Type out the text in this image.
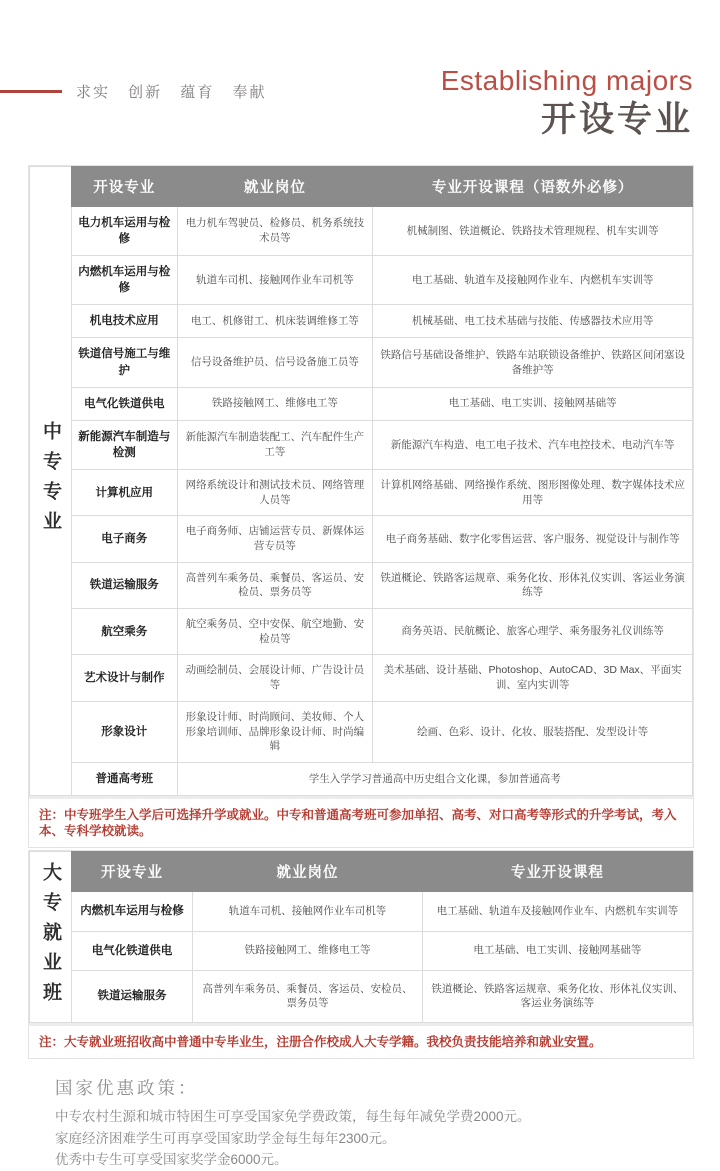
求实 创新 蕴育 奉献	Establishing majors
开设专业
中专专业
开设专业	就业岗位	专业开设课程（语数外必修）
电力机车运用与检修	电力机车驾驶员、检修员、机务系统技术员等	机械制图、铁道概论、铁路技术管理规程、机车实训等
内燃机车运用与检修	轨道车司机、接触网作业车司机等	电工基础、轨道车及接触网作业车、内燃机车实训等
机电技术应用	电工、机修钳工、机床装调维修工等	机械基础、电工技术基础与技能、传感器技术应用等
铁道信号施工与维护	信号设备维护员、信号设备施工员等	铁路信号基础设备维护、铁路车站联锁设备维护、铁路区间闭塞设备维护等
电气化铁道供电	铁路接触网工、维修电工等	电工基础、电工实训、接触网基础等
新能源汽车制造与检测	新能源汽车制造装配工、汽车配件生产工等	新能源汽车构造、电工电子技术、汽车电控技术、电动汽车等
计算机应用	网络系统设计和测试技术员、网络管理人员等	计算机网络基础、网络操作系统、图形图像处理、数字媒体技术应用等
电子商务	电子商务师、店铺运营专员、新媒体运营专员等	电子商务基础、数字化零售运营、客户服务、视觉设计与制作等
铁道运输服务	高普列车乘务员、乘餐员、客运员、安检员、票务员等	铁道概论、铁路客运规章、乘务化妆、形体礼仪实训、客运业务演练等
航空乘务	航空乘务员、空中安保、航空地勤、安检员等	商务英语、民航概论、旅客心理学、乘务服务礼仪训练等
艺术设计与制作	动画绘制员、会展设计师、广告设计员等	美术基础、设计基础、Photoshop、AutoCAD、3D Max、平面实训、室内实训等
形象设计	形象设计师、时尚顾问、美妆师、个人形象培训师、品牌形象设计师、时尚编辑	绘画、色彩、设计、化妆、服装搭配、发型设计等
普通高考班	学生入学学习普通高中历史组合文化课，参加普通高考	
注：中专班学生入学后可选择升学或就业。中专和普通高考班可参加单招、高考、对口高考等形式的升学考试，考入本、专科学校就读。
大专就业班	开设专业	就业岗位	专业开设课程
内燃机车运用与检修	轨道车司机、接触网作业车司机等	电工基础、轨道车及接触网作业车、内燃机车实训等
电气化铁道供电	铁路接触网工、维修电工等	电工基础、电工实训、接触网基础等
铁道运输服务	高普列车乘务员、乘餐员、客运员、安检员、票务员等	铁道概论、铁路客运规章、乘务化妆、形体礼仪实训、客运业务演练等
注：大专就业班招收高中普通中专毕业生，注册合作校成人大专学籍。我校负责技能培养和就业安置。
国家优惠政策：
中专农村生源和城市特困生可享受国家免学费政策，每生每年减免学费2000元。
家庭经济困难学生可再享受国家助学金每生每年2300元。
优秀中专生可享受国家奖学金6000元。
